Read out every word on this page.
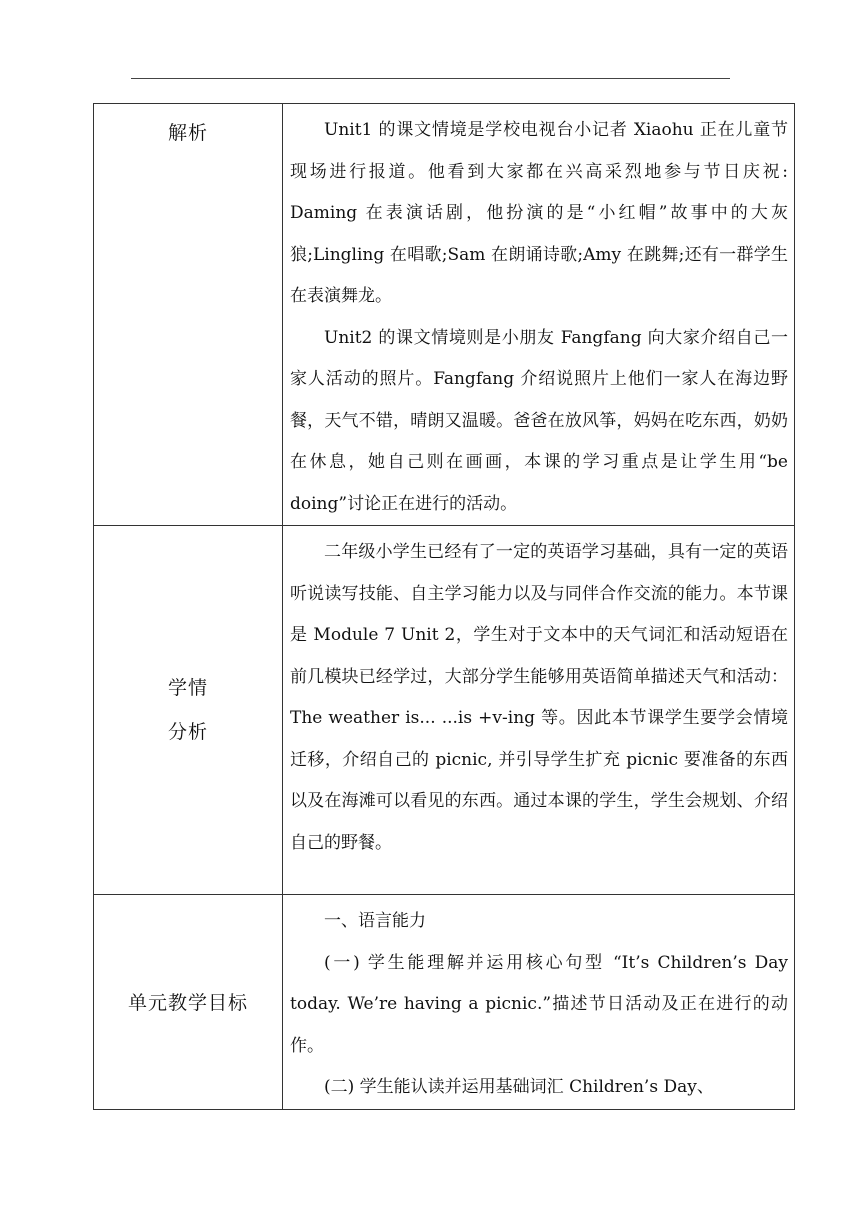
解析	Unit1 的课文情境是学校电视台小记者 Xiaohu 正在儿童节现场进行报道。他看到大家都在兴高采烈地参与节日庆祝: Daming 在表演话剧，他扮演的是“小红帽”故事中的大灰狼;Lingling 在唱歌;Sam 在朗诵诗歌;Amy 在跳舞;还有一群学生在表演舞龙。

Unit2 的课文情境则是小朋友 Fangfang 向大家介绍自己一家人活动的照片。Fangfang 介绍说照片上他们一家人在海边野餐，天气不错，晴朗又温暖。爸爸在放风筝，妈妈在吃东西，奶奶在休息，她自己则在画画，本课的学习重点是让学生用“be doing”讨论正在进行的活动。

学情
分析	二年级小学生已经有了一定的英语学习基础，具有一定的英语听说读写技能、自主学习能力以及与同伴合作交流的能力。本节课是 Module 7 Unit 2，学生对于文本中的天气词汇和活动短语在前几模块已经学过，大部分学生能够用英语简单描述天气和活动： The weather is... ...is +v-ing 等。因此本节课学生要学会情境迁移，介绍自己的 picnic, 并引导学生扩充 picnic 要准备的东西以及在海滩可以看见的东西。通过本课的学生，学生会规划、介绍自己的野餐。

单元教学目标	一、语言能力

(一) 学生能理解并运用核心句型 “It’s Children’s Day today. We’re having a picnic.”描述节日活动及正在进行的动作。

(二) 学生能认读并运用基础词汇 Children’s Day、
